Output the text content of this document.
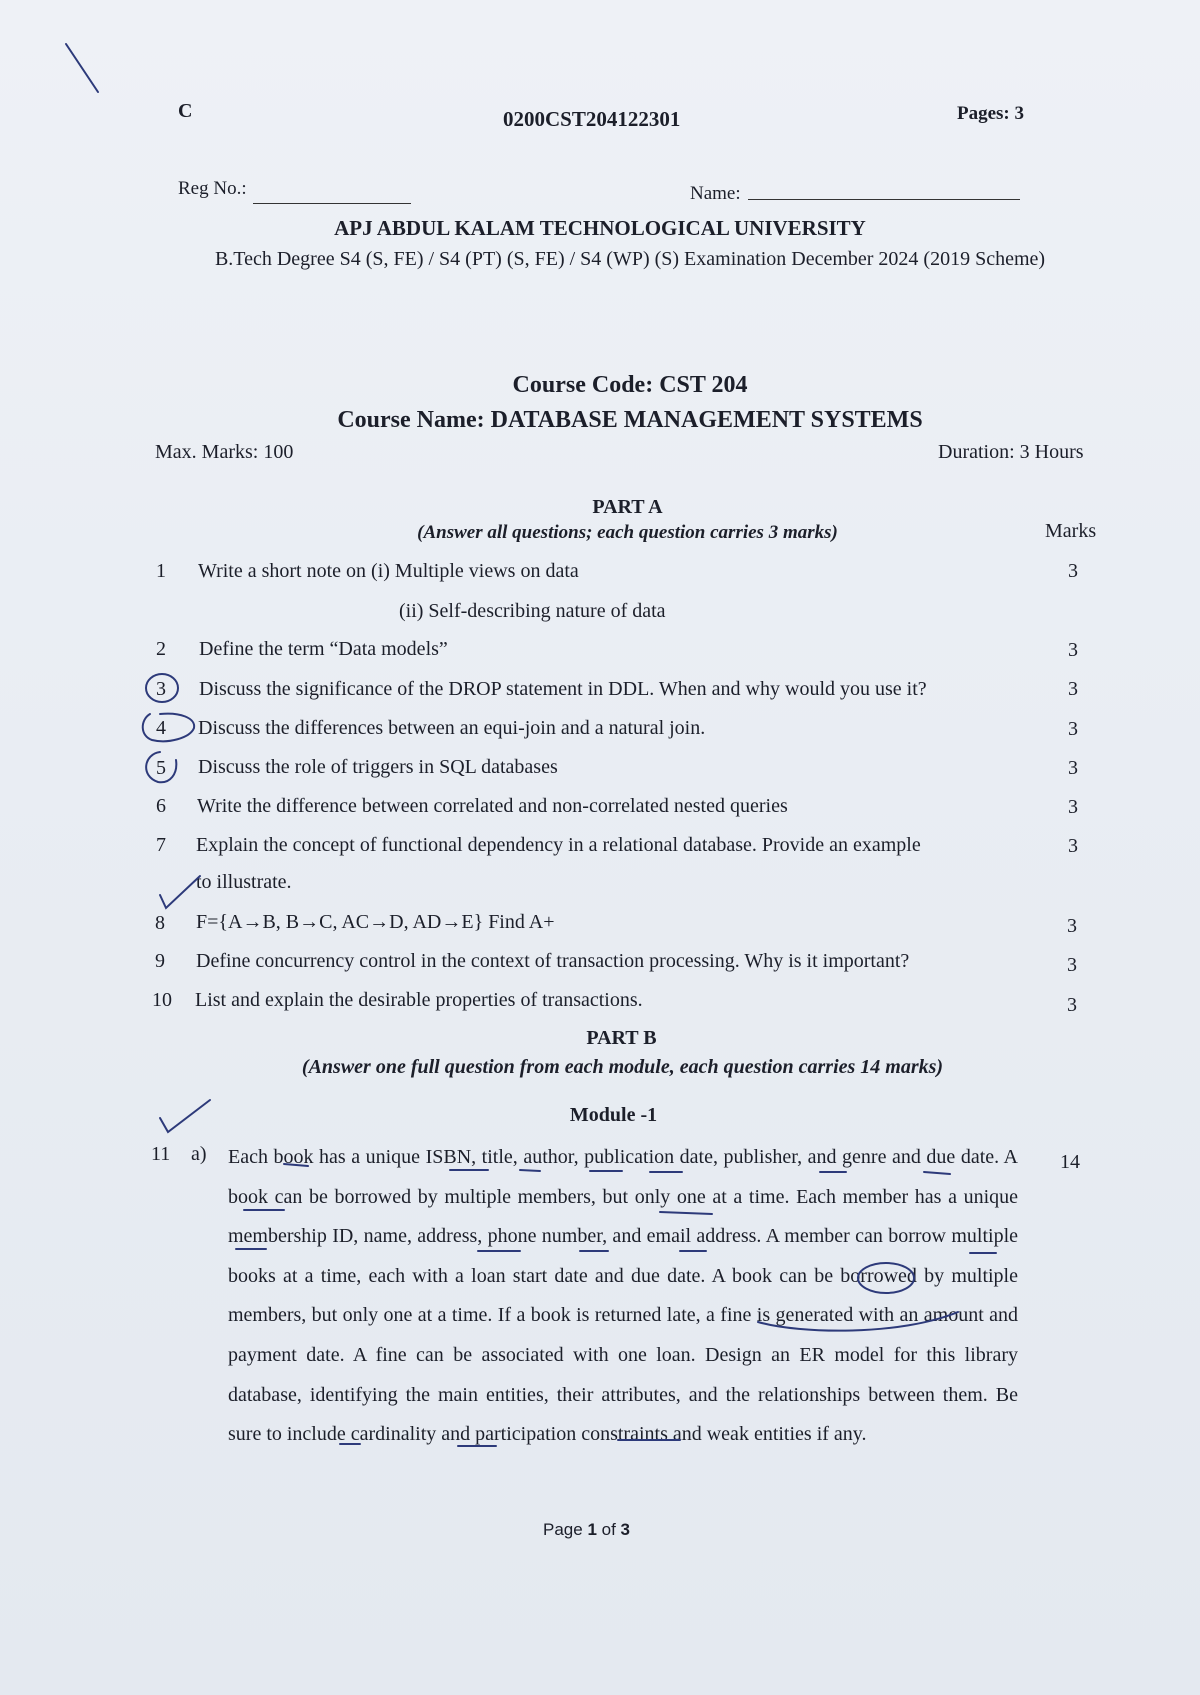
C	0200CST204122301	Pages: 3
Reg No.:	Name:
APJ ABDUL KALAM TECHNOLOGICAL UNIVERSITY
B.Tech Degree S4 (S, FE) / S4 (PT) (S, FE) / S4 (WP) (S) Examination December 2024 (2019 Scheme)
Course Code: CST 204
Course Name: DATABASE MANAGEMENT SYSTEMS
Max. Marks: 100	Duration: 3 Hours
PART A
(Answer all questions; each question carries 3 marks)	Marks
1	Write a short note on (i) Multiple views on data
(ii) Self-describing nature of data
3
2	Define the term “Data models”	3
3	Discuss the significance of the DROP statement in DDL. When and why would you use it?	3
4	Discuss the differences between an equi-join and a natural join.	3
5	Discuss the role of triggers in SQL databases	3
6	Write the difference between correlated and non-correlated nested queries	3
7	Explain the concept of functional dependency in a relational database. Provide an example
to illustrate.
3
8	F={A→B, B→C, AC→D, AD→E} Find A+	3
9	Define concurrency control in the context of transaction processing. Why is it important?	3
10	List and explain the desirable properties of transactions.	3
PART B
(Answer one full question from each module, each question carries 14 marks)
Module -1
11 a) Each book has a unique ISBN, title, author, publication date, publisher, and genre and due date. A book can be borrowed by multiple members, but only one at a time. Each member has a unique membership ID, name, address, phone number, and email address. A member can borrow multiple books at a time, each with a loan start date and due date. A book can be borrowed by multiple members, but only one at a time. If a book is returned late, a fine is generated with an amount and payment date. A fine can be associated with one loan. Design an ER model for this library database, identifying the main entities, their attributes, and the relationships between them. Be sure to include cardinality and participation constraints and weak entities if any.
14
Page 1 of 3
